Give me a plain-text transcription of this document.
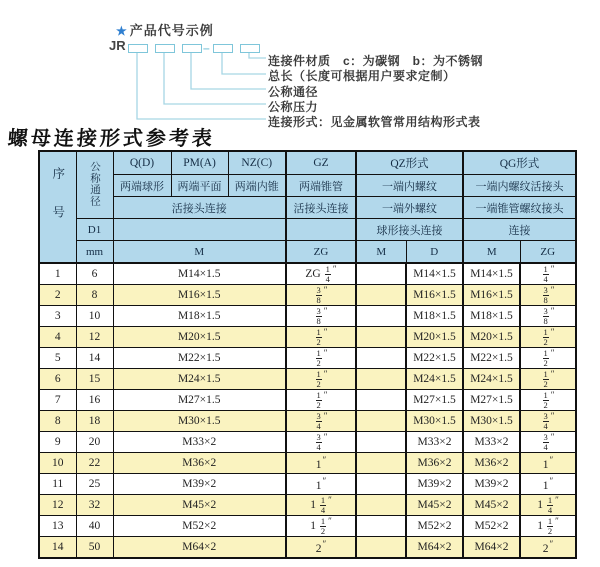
★ 产品代号示例
JR	–
连接件材质　c：为碳钢　b：为不锈钢
总长（长度可根据用户要求定制）
公称通径
公称压力
连接形式：见金属软管常用结构形式表
螺母连接形式参考表
序号	公称通径	Q(D)	PM(A)	NZ(C)	GZ	QZ形式		QG形式	
		两端球形	两端平面	两端内锥	两端锥管	一端内螺纹		一端内螺纹活接头	
		活接头连接			活接头连接	一端外螺纹		一端锥管螺纹接头	
	D1					球形接头连接		连接	
	mm	M			ZG	M	D	M	ZG
1	6	M14×1.5			ZG $\frac{1}{4} ''$		M14×1.5	M14×1.5	$\frac{1}{4} ''$
2	8	M16×1.5			$\frac{3}{8} ''$		M16×1.5	M16×1.5	$\frac{3}{8} ''$
3	10	M18×1.5			$\frac{3}{8} ''$		M18×1.5	M18×1.5	$\frac{3}{8} ''$
4	12	M20×1.5			$\frac{1}{2} ''$		M20×1.5	M20×1.5	$\frac{1}{2} ''$
5	14	M22×1.5			$\frac{1}{2} ''$		M22×1.5	M22×1.5	$\frac{1}{2} ''$
6	15	M24×1.5			$\frac{1}{2} ''$		M24×1.5	M24×1.5	$\frac{1}{2} ''$
7	16	M27×1.5			$\frac{1}{2} ''$		M27×1.5	M27×1.5	$\frac{1}{2} ''$
8	18	M30×1.5			$\frac{3}{4} ''$		M30×1.5	M30×1.5	$\frac{3}{4} ''$
9	20	M33×2			$\frac{3}{4} ''$		M33×2	M33×2	$\frac{3}{4} ''$
10	22	M36×2			1″		M36×2	M36×2	1″
11	25	M39×2			1″		M39×2	M39×2	1″
12	32	M45×2			$1 \frac{1}{4} ''$		M45×2	M45×2	$1 \frac{1}{4} ''$
13	40	M52×2			$1 \frac{1}{2} ''$		M52×2	M52×2	$1 \frac{1}{2} ''$
14	50	M64×2			2″		M64×2	M64×2	2″
